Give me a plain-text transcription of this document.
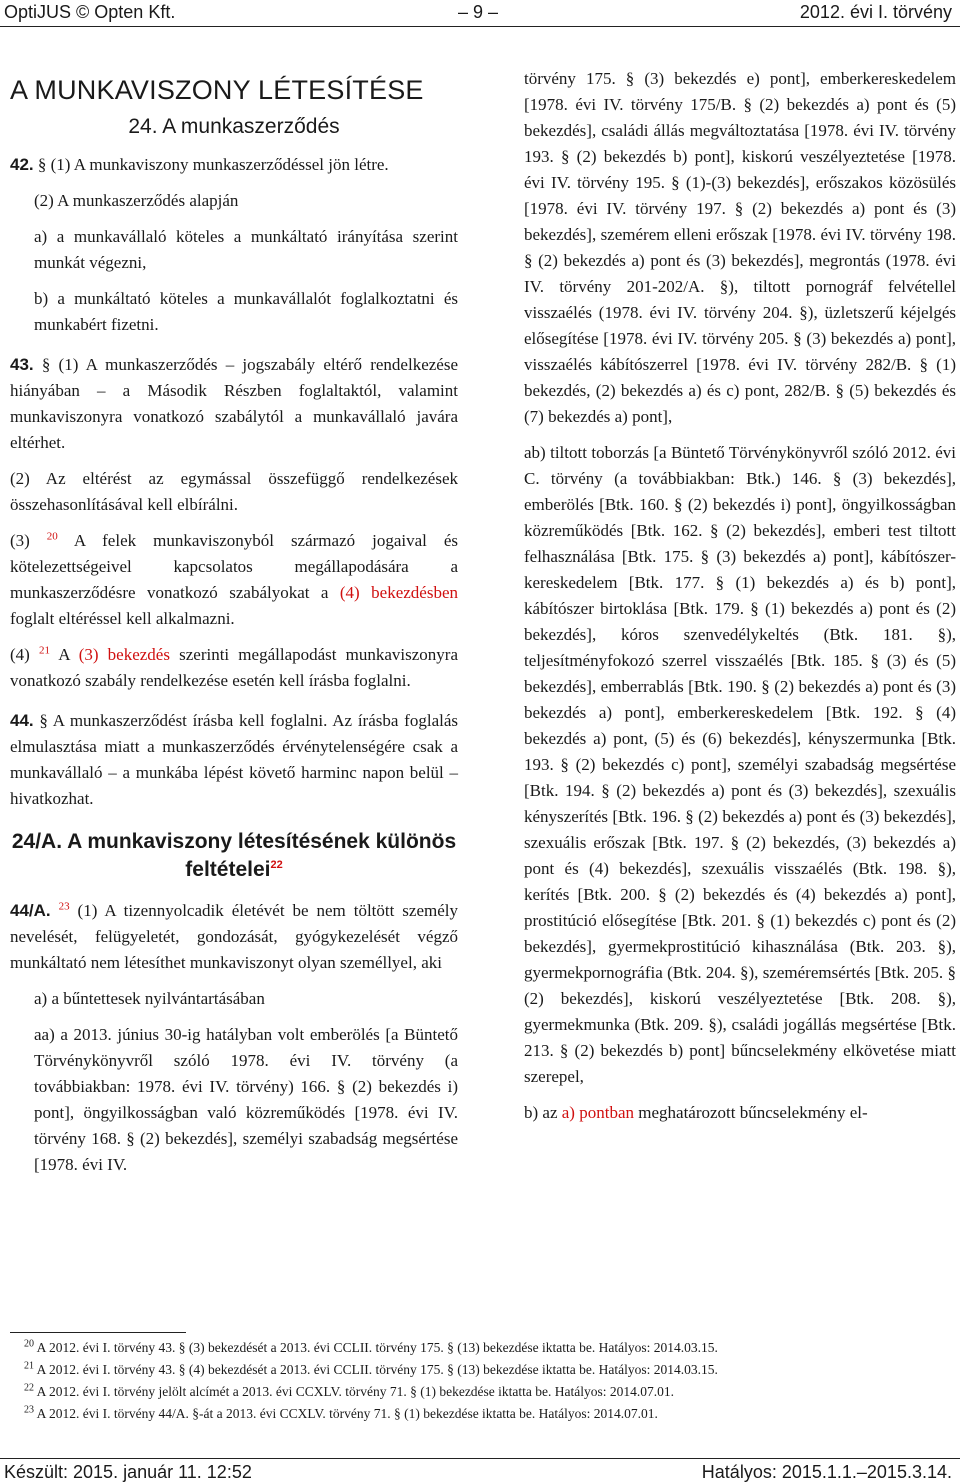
OptiJUS © Opten Kft.	– 9 –	2012. évi I. törvény
A MUNKAVISZONY LÉTESÍTÉSE
24. A munkaszerződés

42. § (1) A munkaviszony munkaszerződéssel jön létre.

(2) A munkaszerződés alapján

a) a munkavállaló köteles a munkáltató irányítása szerint munkát végezni,

b) a munkáltató köteles a munkavállalót foglalkoztatni és munkabért fizetni.

43. § (1) A munkaszerződés – jogszabály eltérő rendelkezése hiányában – a Második Részben foglaltaktól, valamint munkaviszonyra vonatkozó szabálytól a munkavállaló javára eltérhet.

(2) Az eltérést az egymással összefüggő rendelkezések összehasonlításával kell elbírálni.

(3) $^{20}$ A felek munkaviszonyból származó jogaival és kötelezettségeivel kapcsolatos megállapodására a munkaszerződésre vonatkozó szabályokat a (4) bekezdésben foglalt eltéréssel kell alkalmazni.

(4) $^{21}$ A (3) bekezdés szerinti megállapodást munkaviszonyra vonatkozó szabály rendelkezése esetén kell írásba foglalni.

44. § A munkaszerződést írásba kell foglalni. Az írásba foglalás elmulasztása miatt a munkaszerződés érvénytelenségére csak a munkavállaló – a munkába lépést követő harminc napon belül – hivatkozhat.

24/A. A munkaviszony létesítésének különös feltételei$^{22}$

44/A. $^{23}$ (1) A tizennyolcadik életévét be nem töltött személy nevelését, felügyeletét, gondozását, gyógykezelését végző munkáltató nem létesíthet munkaviszonyt olyan személlyel, aki

a) a bűntettesek nyilvántartásában

aa) a 2013. június 30-ig hatályban volt emberölés [a Büntető Törvénykönyvről szóló 1978. évi IV. törvény (a továbbiakban: 1978. évi IV. törvény) 166. § (2) bekezdés i) pont], öngyilkosságban való közreműködés [1978. évi IV. törvény 168. § (2) bekezdés], személyi szabadság megsértése [1978. évi IV.

törvény 175. § (3) bekezdés e) pont], emberkereskedelem [1978. évi IV. törvény 175/B. § (2) bekezdés a) pont és (5) bekezdés], családi állás megváltoztatása [1978. évi IV. törvény 193. § (2) bekezdés b) pont], kiskorú veszélyeztetése [1978. évi IV. törvény 195. § (1)-(3) bekezdés], erőszakos közösülés [1978. évi IV. törvény 197. § (2) bekezdés a) pont és (3) bekezdés], szemérem elleni erőszak [1978. évi IV. törvény 198. § (2) bekezdés a) pont és (3) bekezdés], megrontás (1978. évi IV. törvény 201-202/A. §), tiltott pornográf felvétellel visszaélés (1978. évi IV. törvény 204. §), üzletszerű kéjelgés elősegítése [1978. évi IV. törvény 205. § (3) bekezdés a) pont], visszaélés kábítószerrel [1978. évi IV. törvény 282/B. § (1) bekezdés, (2) bekezdés a) és c) pont, 282/B. § (5) bekezdés és (7) bekezdés a) pont],

ab) tiltott toborzás [a Büntető Törvénykönyvről szóló 2012. évi C. törvény (a továbbiakban: Btk.) 146. § (3) bekezdés], emberölés [Btk. 160. § (2) bekezdés i) pont], öngyilkosságban közreműködés [Btk. 162. § (2) bekezdés], emberi test tiltott felhasználása [Btk. 175. § (3) bekezdés a) pont], kábítószer-kereskedelem [Btk. 177. § (1) bekezdés a) és b) pont], kábítószer birtoklása [Btk. 179. § (1) bekezdés a) pont és (2) bekezdés], kóros szenvedélykeltés (Btk. 181. §), teljesítményfokozó szerrel visszaélés [Btk. 185. § (3) és (5) bekezdés], emberrablás [Btk. 190. § (2) bekezdés a) pont és (3) bekezdés a) pont], emberkereskedelem [Btk. 192. § (4) bekezdés a) pont, (5) és (6) bekezdés], kényszermunka [Btk. 193. § (2) bekezdés c) pont], személyi szabadság megsértése [Btk. 194. § (2) bekezdés a) pont és (3) bekezdés], szexuális kényszerítés [Btk. 196. § (2) bekezdés a) pont és (3) bekezdés], szexuális erőszak [Btk. 197. § (2) bekezdés, (3) bekezdés a) pont és (4) bekezdés], szexuális visszaélés (Btk. 198. §), kerítés [Btk. 200. § (2) bekezdés és (4) bekezdés a) pont], prostitúció elősegítése [Btk. 201. § (1) bekezdés c) pont és (2) bekezdés], gyermekprostitúció kihasználása (Btk. 203. §), gyermekpornográfia (Btk. 204. §), szeméremsértés [Btk. 205. § (2) bekezdés], kiskorú veszélyeztetése [Btk. 208. §), gyermekmunka (Btk. 209. §), családi jogállás megsértése [Btk. 213. § (2) bekezdés b) pont] bűncselekmény elkövetése miatt szerepel,

b) az a) pontban meghatározott bűncselekmény el-

$^{20}$ A 2012. évi I. törvény 43. § (3) bekezdését a 2013. évi CCLII. törvény 175. § (13) bekezdése iktatta be. Hatályos: 2014.03.15.
$^{21}$ A 2012. évi I. törvény 43. § (4) bekezdését a 2013. évi CCLII. törvény 175. § (13) bekezdése iktatta be. Hatályos: 2014.03.15.
$^{22}$ A 2012. évi I. törvény jelölt alcímét a 2013. évi CCXLV. törvény 71. § (1) bekezdése iktatta be. Hatályos: 2014.07.01.
$^{23}$ A 2012. évi I. törvény 44/A. §-át a 2013. évi CCXLV. törvény 71. § (1) bekezdése iktatta be. Hatályos: 2014.07.01.
Készült: 2015. január 11. 12:52	Hatályos: 2015.1.1.–2015.3.14.
